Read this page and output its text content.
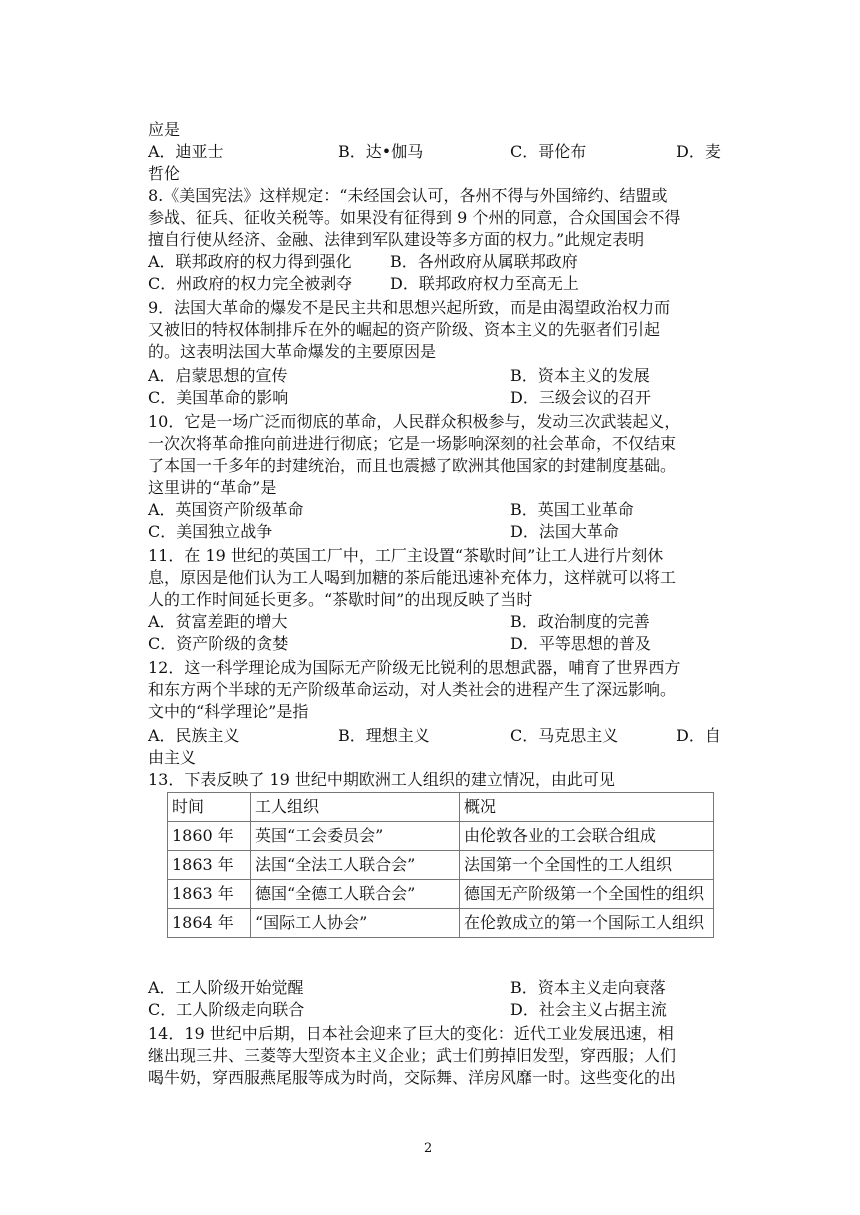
应是
A．迪亚士	B．达•伽马	C．哥伦布	D．麦
哲伦
8.《美国宪法》这样规定：“未经国会认可，各州不得与外国缔约、结盟或
参战、征兵、征收关税等。如果没有征得到 9 个州的同意，合众国国会不得
擅自行使从经济、金融、法律到军队建设等多方面的权力。”此规定表明
A．联邦政府的权力得到强化 B．各州政府从属联邦政府
C．州政府的权力完全被剥夺 D．联邦政府权力至高无上
9．法国大革命的爆发不是民主共和思想兴起所致，而是由渴望政治权力而
又被旧的特权体制排斥在外的崛起的资产阶级、资本主义的先驱者们引起
的。这表明法国大革命爆发的主要原因是
A．启蒙思想的宣传	B．资本主义的发展
C．美国革命的影响	D．三级会议的召开
10．它是一场广泛而彻底的革命，人民群众积极参与，发动三次武装起义，
一次次将革命推向前进进行彻底；它是一场影响深刻的社会革命，不仅结束
了本国一千多年的封建统治，而且也震撼了欧洲其他国家的封建制度基础。
这里讲的“革命”是
A．英国资产阶级革命	B．英国工业革命
C．美国独立战争	D．法国大革命
11．在 19 世纪的英国工厂中，工厂主设置“茶歇时间”让工人进行片刻休
息，原因是他们认为工人喝到加糖的茶后能迅速补充体力，这样就可以将工
人的工作时间延长更多。“茶歇时间”的出现反映了当时
A．贫富差距的增大	B．政治制度的完善
C．资产阶级的贪婪	D．平等思想的普及
12．这一科学理论成为国际无产阶级无比锐利的思想武器，哺育了世界西方
和东方两个半球的无产阶级革命运动，对人类社会的进程产生了深远影响。
文中的“科学理论”是指
A．民族主义	B．理想主义	C．马克思主义	D．自
由主义
13．下表反映了 19 世纪中期欧洲工人组织的建立情况，由此可见
时间	工人组织	概况
1860 年	英国“工会委员会”	由伦敦各业的工会联合组成
1863 年	法国“全法工人联合会”	法国第一个全国性的工人组织
1863 年	德国“全德工人联合会”	德国无产阶级第一个全国性的组织
1864 年	“国际工人协会”	在伦敦成立的第一个国际工人组织
A．工人阶级开始觉醒	B．资本主义走向衰落
C．工人阶级走向联合	D．社会主义占据主流
14．19 世纪中后期，日本社会迎来了巨大的变化：近代工业发展迅速，相
继出现三井、三菱等大型资本主义企业；武士们剪掉旧发型，穿西服；人们
喝牛奶，穿西服燕尾服等成为时尚，交际舞、洋房风靡一时。这些变化的出
2
